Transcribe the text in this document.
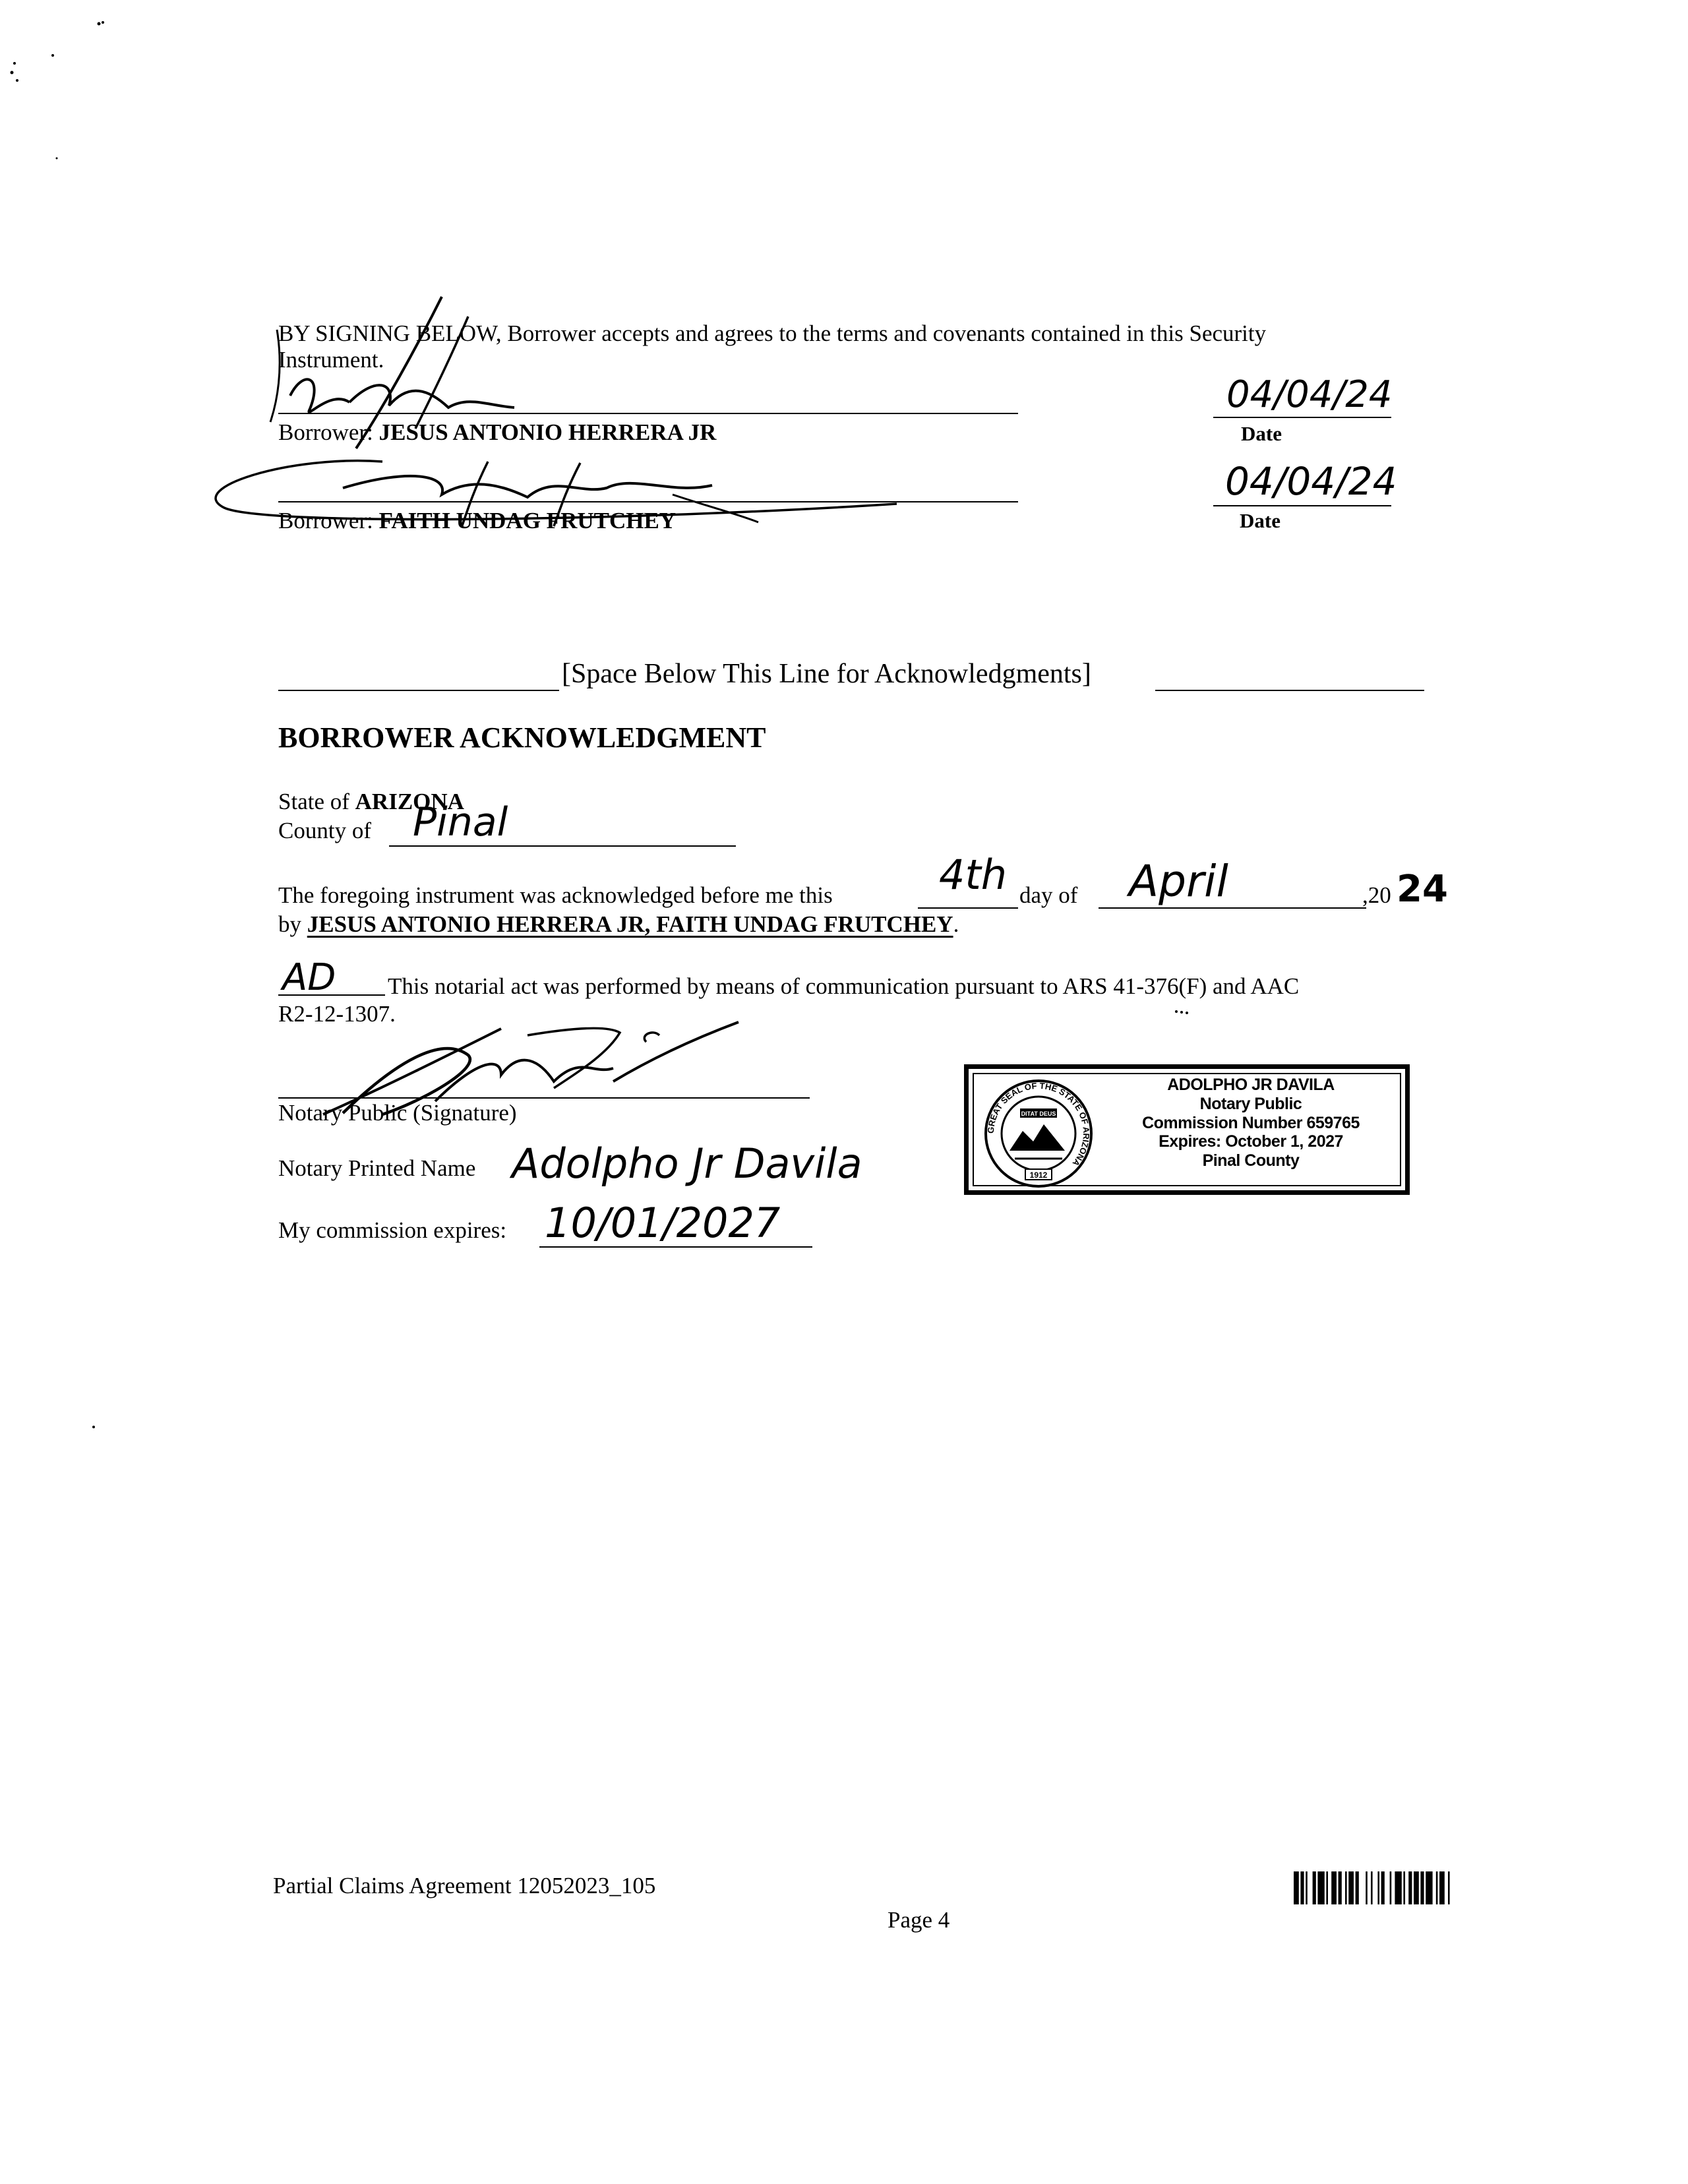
BY SIGNING BELOW, Borrower accepts and agrees to the terms and covenants contained in this Security
Instrument.
Borrower: JESUS ANTONIO HERRERA JR
04/04/24
Date
Borrower: FAITH UNDAG FRUTCHEY
04/04/24
Date
[Space Below This Line for Acknowledgments]
BORROWER ACKNOWLEDGMENT
State of ARIZONA
County of Pinal
The foregoing instrument was acknowledged before me this	4th day of April	,20 24
by JESUS ANTONIO HERRERA JR, FAITH UNDAG FRUTCHEY.
AD This notarial act was performed by means of communication pursuant to ARS 41-376(F) and AAC
R2-12-1307.
Notary Public (Signature)
Notary Printed Name Adolpho Jr Davila
My commission expires: 10/01/2027
GREAT SEAL OF THE STATE OF ARIZONA
DITAT DEUS
1912
ADOLPHO JR DAVILA
Notary Public
Commission Number 659765
Expires: October 1, 2027
Pinal County
Partial Claims Agreement 12052023_105
Page 4
